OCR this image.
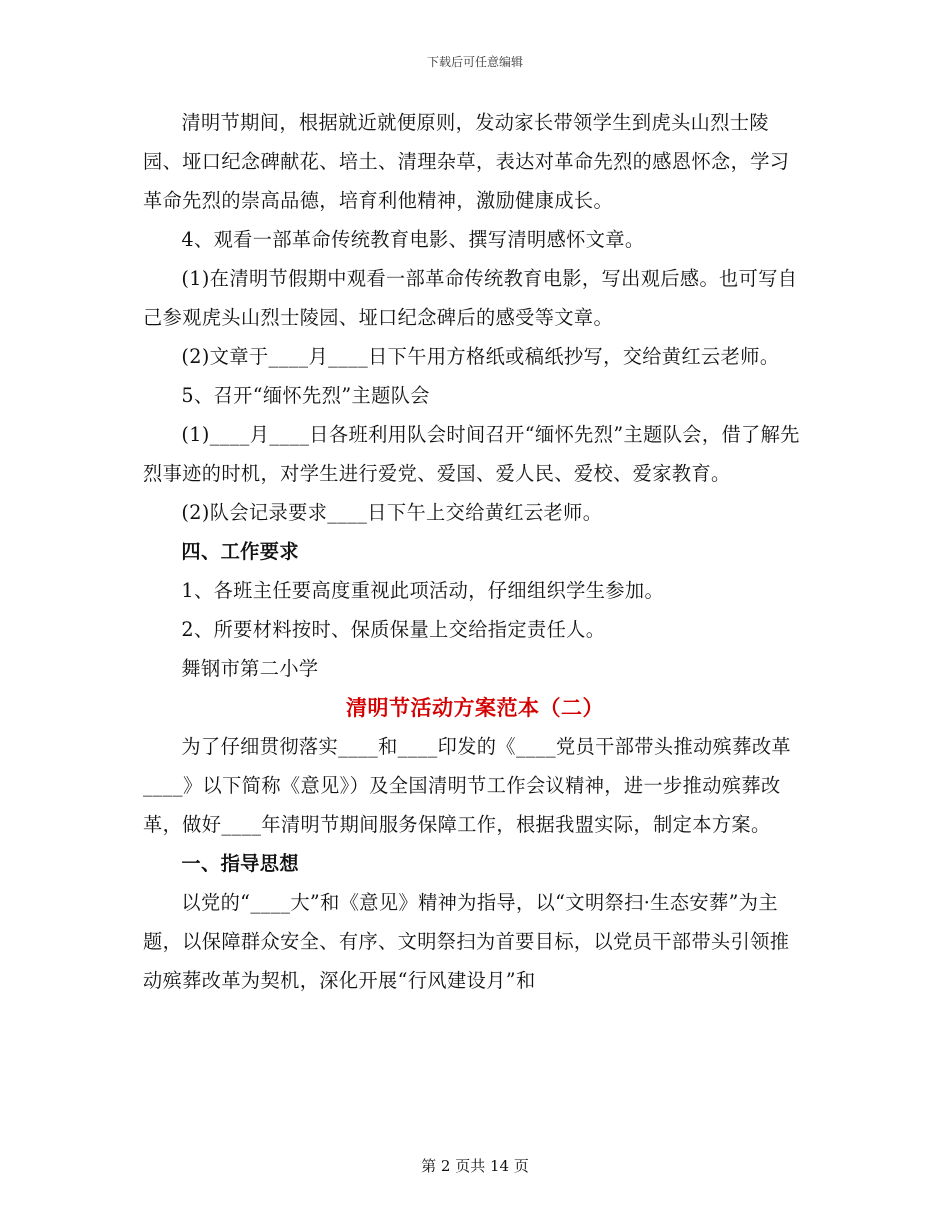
下载后可任意编辑

清明节期间，根据就近就便原则，发动家长带领学生到虎头山烈士陵园、垭口纪念碑献花、培土、清理杂草，表达对革命先烈的感恩怀念，学习革命先烈的崇高品德，培育利他精神，激励健康成长。

4、观看一部革命传统教育电影、撰写清明感怀文章。

(1)在清明节假期中观看一部革命传统教育电影，写出观后感。也可写自己参观虎头山烈士陵园、垭口纪念碑后的感受等文章。

(2)文章于____月____日下午用方格纸或稿纸抄写，交给黄红云老师。

5、召开“缅怀先烈”主题队会

(1)____月____日各班利用队会时间召开“缅怀先烈”主题队会，借了解先烈事迹的时机，对学生进行爱党、爱国、爱人民、爱校、爱家教育。

(2)队会记录要求____日下午上交给黄红云老师。

四、工作要求

1、各班主任要高度重视此项活动，仔细组织学生参加。

2、所要材料按时、保质保量上交给指定责任人。

舞钢市第二小学

清明节活动方案范本（二）

为了仔细贯彻落实____和____印发的《____党员干部带头推动殡葬改革____》以下简称《意见》）及全国清明节工作会议精神，进一步推动殡葬改革，做好____年清明节期间服务保障工作，根据我盟实际，制定本方案。

一、指导思想

以党的“____大”和《意见》精神为指导，以“文明祭扫·生态安葬”为主题，以保障群众安全、有序、文明祭扫为首要目标，以党员干部带头引领推动殡葬改革为契机，深化开展“行风建设月”和

第 2 页共 14 页
